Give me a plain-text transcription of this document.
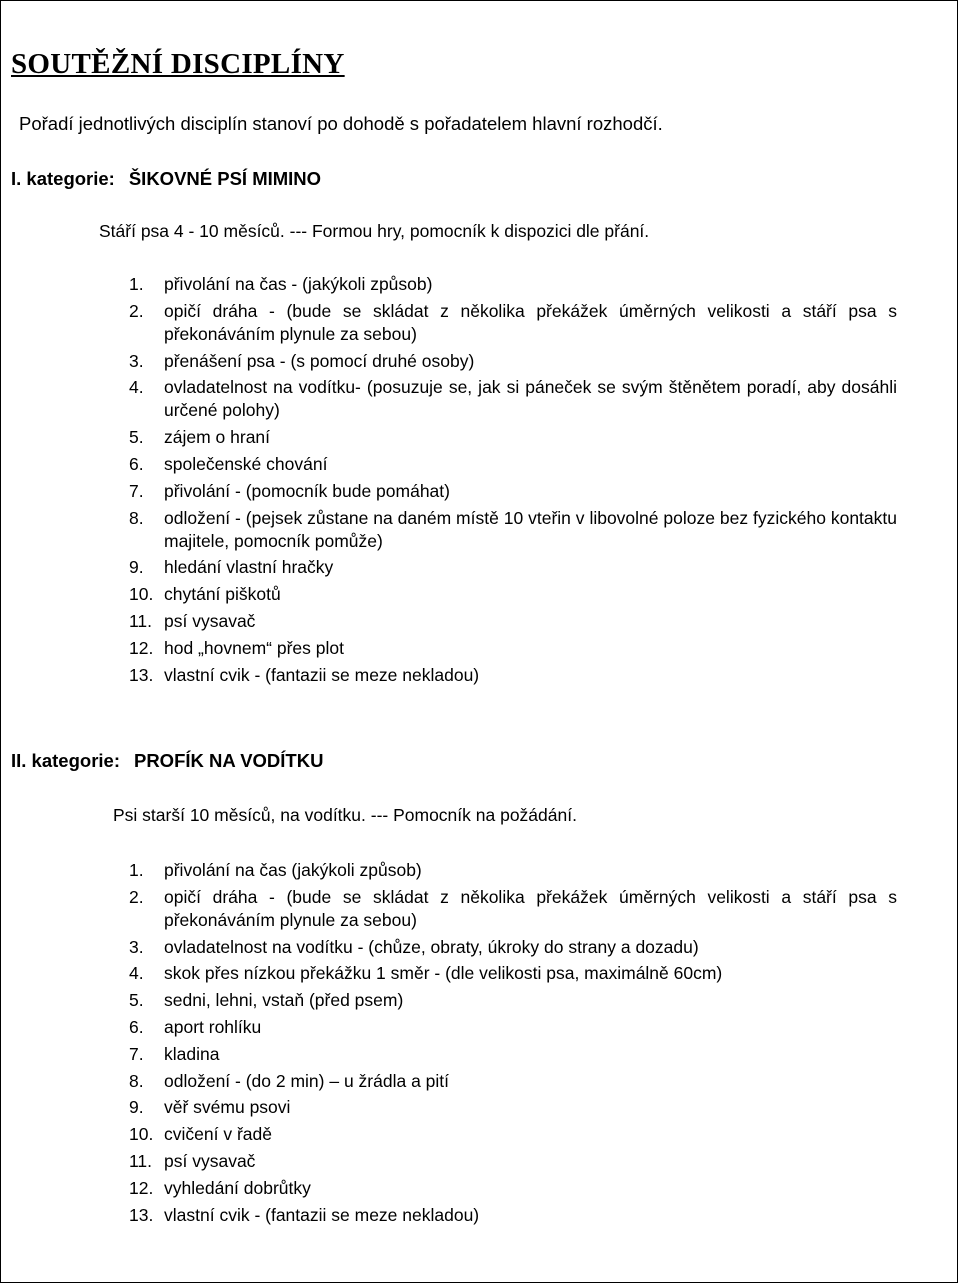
SOUTĚŽNÍ DISCIPLÍNY
Pořadí jednotlivých disciplín stanoví po dohodě s pořadatelem hlavní rozhodčí.
I. kategorie: ŠIKOVNÉ PSÍ MIMINO
Stáří psa 4 - 10 měsíců. --- Formou hry, pomocník k dispozici dle přání.
1. přivolání na čas - (jakýkoli způsob)
2. opičí dráha - (bude se skládat z několika překážek úměrných velikosti a stáří psa s překonáváním plynule za sebou)
3. přenášení psa - (s pomocí druhé osoby)
4. ovladatelnost na vodítku- (posuzuje se, jak si páneček se svým štěnětem poradí, aby dosáhli určené polohy)
5. zájem o hraní
6. společenské chování
7. přivolání - (pomocník bude pomáhat)
8. odložení - (pejsek zůstane na daném místě 10 vteřin v libovolné poloze bez fyzického kontaktu majitele, pomocník pomůže)
9. hledání vlastní hračky
10. chytání piškotů
11. psí vysavač
12. hod „hovnem“ přes plot
13. vlastní cvik - (fantazii se meze nekladou)
II. kategorie: PROFÍK NA VODÍTKU
Psi starší 10 měsíců, na vodítku. --- Pomocník na požádání.
1. přivolání na čas (jakýkoli způsob)
2. opičí dráha - (bude se skládat z několika překážek úměrných velikosti a stáří psa s překonáváním plynule za sebou)
3. ovladatelnost na vodítku - (chůze, obraty, úkroky do strany a dozadu)
4. skok přes nízkou překážku 1 směr - (dle velikosti psa, maximálně 60cm)
5. sedni, lehni, vstaň (před psem)
6. aport rohlíku
7. kladina
8. odložení - (do 2 min) – u žrádla a pití
9. věř svému psovi
10. cvičení v řadě
11. psí vysavač
12. vyhledání dobrůtky
13. vlastní cvik - (fantazii se meze nekladou)
